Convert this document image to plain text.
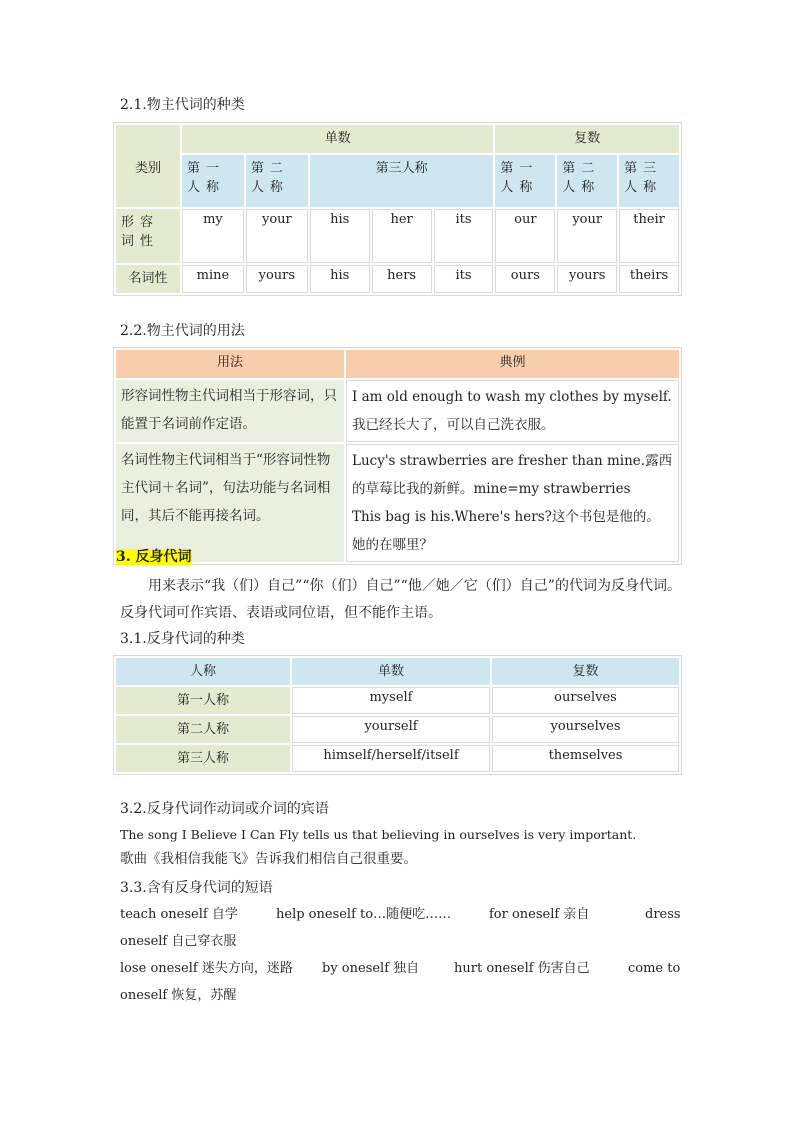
2.1.物主代词的种类
类别	单数					复数		
	第一人称	第二人称	第三人称			第一人称	第二人称	第三人称
形容词性	my	your	his	her	its	our	your	their
名词性	mine	yours	his	hers	its	ours	yours	theirs
2.2.物主代词的用法
用法	典例
形容词性物主代词相当于形容词，只能置于名词前作定语。	I am old enough to wash my clothes by myself.我已经长大了，可以自己洗衣服。
名词性物主代词相当于“形容词性物主代词＋名词”，句法功能与名词相同，其后不能再接名词。	Lucy's strawberries are fresher than mine.露西的草莓比我的新鲜。mine=my strawberries
This bag is his.Where's hers?这个书包是他的。她的在哪里？
3. 反身代词
用来表示“我（们）自己”“你（们）自己”“他／她／它（们）自己”的代词为反身代词。反身代词可作宾语、表语或同位语，但不能作主语。
3.1.反身代词的种类
人称	单数	复数
第一人称	myself	ourselves
第二人称	yourself	yourselves
第三人称	himself/herself/itself	themselves
3.2.反身代词作动词或介词的宾语
The song I Believe I Can Fly tells us that believing in ourselves is very important.
歌曲《我相信我能飞》告诉我们相信自己很重要。
3.3.含有反身代词的短语
teach oneself 自学	help oneself to…随便吃……	for oneself 亲自	dress
oneself 自己穿衣服
lose oneself 迷失方向，迷路 by oneself 独自	hurt oneself 伤害自己	come to
oneself 恢复，苏醒
